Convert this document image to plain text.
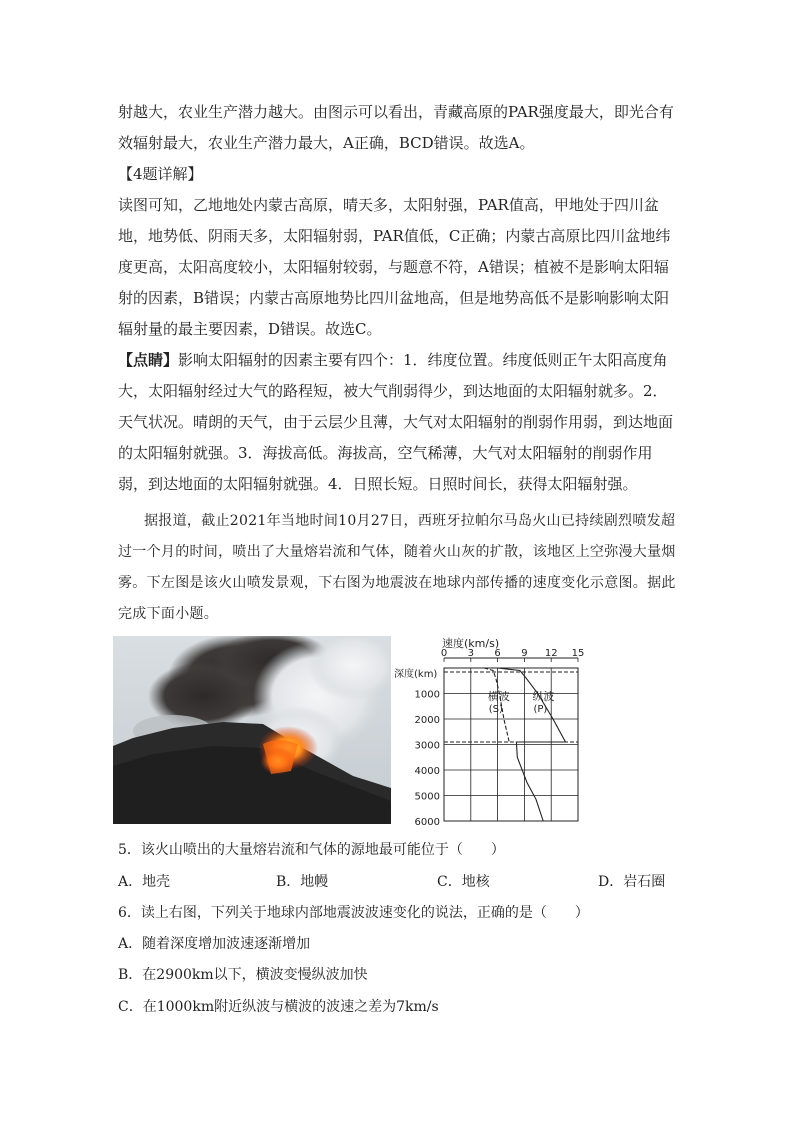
射越大，农业生产潜力越大。由图示可以看出，青藏高原的PAR强度最大，即光合有效辐射最大，农业生产潜力最大，A正确，BCD错误。故选A。

【4题详解】

读图可知，乙地地处内蒙古高原，晴天多，太阳射强，PAR值高，甲地处于四川盆地，地势低、阴雨天多，太阳辐射弱，PAR值低，C正确；内蒙古高原比四川盆地纬度更高，太阳高度较小，太阳辐射较弱，与题意不符，A错误；植被不是影响太阳辐射的因素，B错误；内蒙古高原地势比四川盆地高，但是地势高低不是影响影响太阳辐射量的最主要因素，D错误。故选C。

【点睛】影响太阳辐射的因素主要有四个：1．纬度位置。纬度低则正午太阳高度角大，太阳辐射经过大气的路程短，被大气削弱得少，到达地面的太阳辐射就多。2．天气状况。晴朗的天气，由于云层少且薄，大气对太阳辐射的削弱作用弱，到达地面的太阳辐射就强。3．海拔高低。海拔高，空气稀薄，大气对太阳辐射的削弱作用弱，到达地面的太阳辐射就强。4．日照长短。日照时间长，获得太阳辐射强。

据报道，截止2021年当地时间10月27日，西班牙拉帕尔马岛火山已持续剧烈喷发超过一个月的时间，喷出了大量熔岩流和气体，随着火山灰的扩散，该地区上空弥漫大量烟雾。下左图是该火山喷发景观，下右图为地震波在地球内部传播的速度变化示意图。据此完成下面小题。

速度(km/s)
深度(km)
0 3 6 9 12 15
1000
2000
3000
4000
5000
6000
横波
(S)
纵波
(P)

5．该火山喷出的大量熔岩流和气体的源地最可能位于（　　）

A．地壳	B．地幔	C．地核	D．岩石圈

6．读上右图，下列关于地球内部地震波波速变化的说法，正确的是（　　）

A．随着深度增加波速逐渐增加

B．在2900km以下，横波变慢纵波加快

C．在1000km附近纵波与横波的波速之差为7km/s
